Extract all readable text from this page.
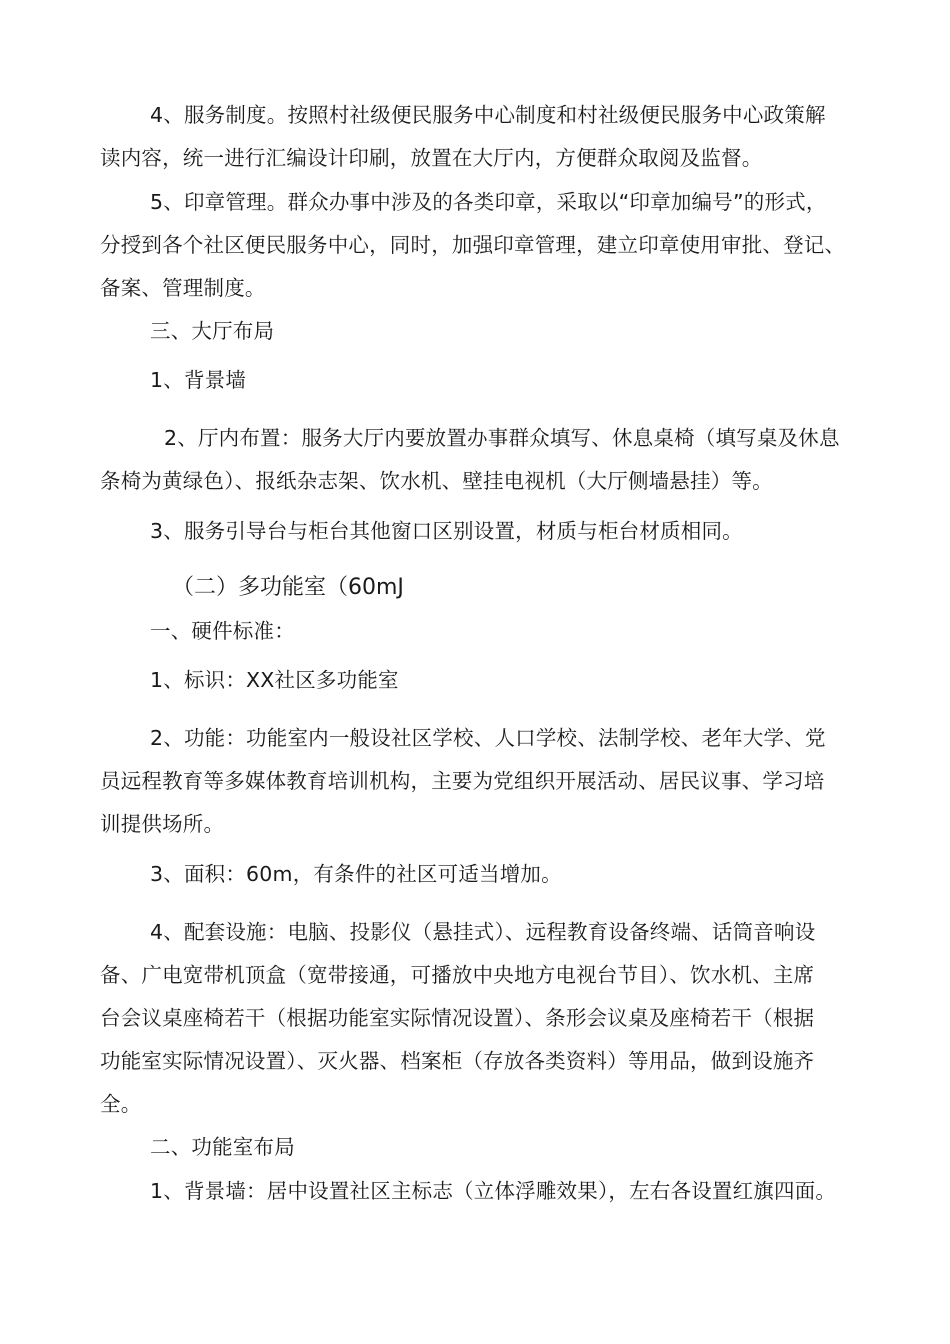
4、服务制度。按照村社级便民服务中心制度和村社级便民服务中心政策解
读内容，统一进行汇编设计印刷，放置在大厅内，方便群众取阅及监督。
5、印章管理。群众办事中涉及的各类印章，采取以“印章加编号”的形式，
分授到各个社区便民服务中心，同时，加强印章管理，建立印章使用审批、登记、
备案、管理制度。
三、大厅布局
1、背景墙
2、厅内布置：服务大厅内要放置办事群众填写、休息桌椅（填写桌及休息
条椅为黄绿色）、报纸杂志架、饮水机、壁挂电视机（大厅侧墙悬挂）等。
3、服务引导台与柜台其他窗口区别设置，材质与柜台材质相同。
（二）多功能室（60mJ
一、硬件标准：
1、标识：XX社区多功能室
2、功能：功能室内一般设社区学校、人口学校、法制学校、老年大学、党
员远程教育等多媒体教育培训机构，主要为党组织开展活动、居民议事、学习培
训提供场所。
3、面积：60m，有条件的社区可适当增加。
4、配套设施：电脑、投影仪（悬挂式）、远程教育设备终端、话筒音响设
备、广电宽带机顶盒（宽带接通，可播放中央地方电视台节目）、饮水机、主席
台会议桌座椅若干（根据功能室实际情况设置）、条形会议桌及座椅若干（根据
功能室实际情况设置）、灭火器、档案柜（存放各类资料）等用品，做到设施齐
全。
二、功能室布局
1、背景墙：居中设置社区主标志（立体浮雕效果），左右各设置红旗四面。
